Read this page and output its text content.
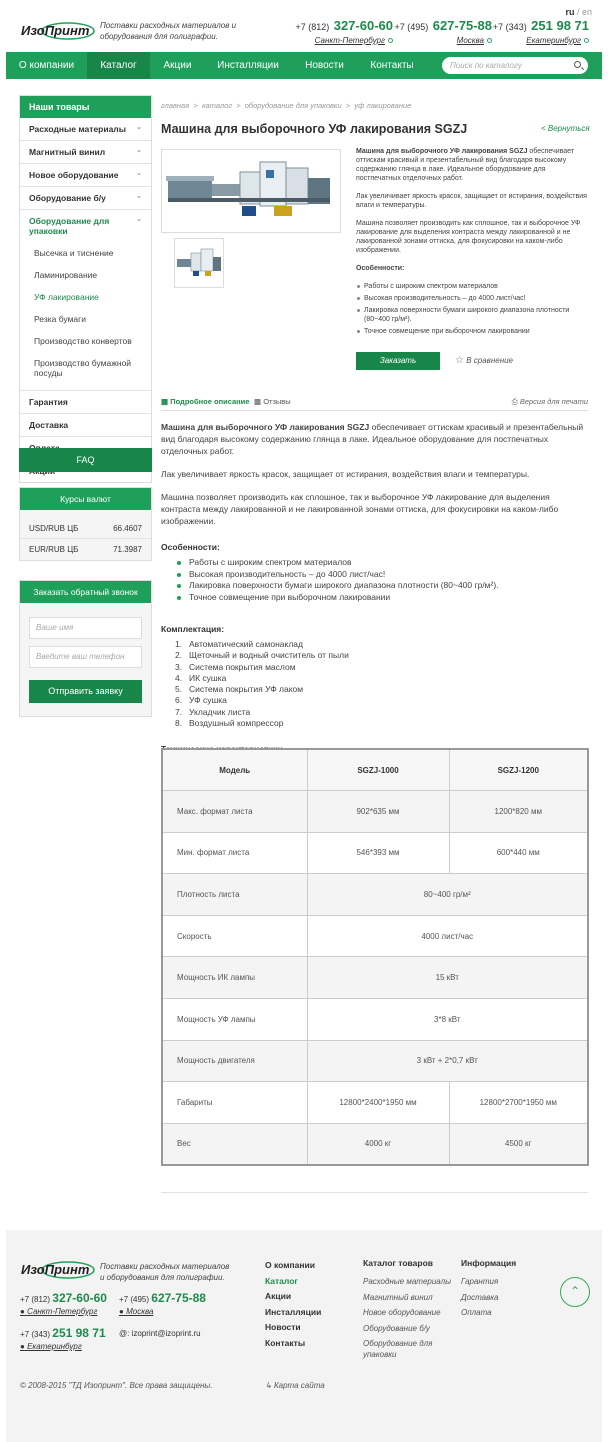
ИзоПринт Поставки расходных материалов и оборудования для полиграфии.
ru / en
+7 (812) 327-60-60
Санкт-Петербург
+7 (495) 627-75-88
Москва
+7 (343) 251 98 71
Екатеринбург
О компании	Каталог	Акции	Инсталляции	Новости	Контакты	Поиск по каталогу
Наши товары
Расходные материалы ⌄
Магнитный винил	⌄
Новое оборудование	⌄
Оборудование б/у	⌄
Оборудование для упаковки
⌄
Высечка и тиснение
Ламинирование
УФ лакирование
Резка бумаги
Производство конвертов
Производство бумажной посуды
Гарантия
Доставка
FAQ
Курсы валют
USD/RUB ЦБ	66.4607
EUR/RUB ЦБ	71.3987
Заказать обратный звонок
Ваше имя
Введите ваш телефон
Отправить заявку
главная  >  каталог  >  оборудование для упаковки  >  уф лакирование
Машина для выборочного УФ лакирования SGZJ	< Вернуться

Машина для выборочного УФ лакирования SGZJ обеспечивает оттискам красивый и презентабельный вид благодаря высокому содержанию глянца в лаке. Идеальное оборудование для постпечатных отделочных работ.

Лак увеличивает яркость красок, защищает от истирания, воздействия влаги и температуры.

Машина позволяет производить как сплошное, так и выборочное УФ лакирование для выделения контраста между лакированной и не лакированной зонами оттиска, для фокусировки на каком-либо изображении.

Особенности:

Работы с широким спектром материалов
Высокая производительность – до 4000 лист/час!
Лакировка поверхности бумаги широкого диапазона плотности (80~400 гр/м²).
Точное совмещение при выборочном лакировании
Заказать	☆ В сравнение
▦ Подробное описание ▩ Отзывы	⎙ Версия для печати

Машина для выборочного УФ лакирования SGZJ обеспечивает оттискам красивый и презентабельный вид благодаря высокому содержанию глянца в лаке. Идеальное оборудование для постпечатных отделочных работ.

Лак увеличивает яркость красок, защищает от истирания, воздействия влаги и температуры.

Машина позволяет производить как сплошное, так и выборочное УФ лакирование для выделения контраста между лакированной и не лакированной зонами оттиска, для фокусировки на каком-либо изображении.

Особенности:
Работы с широким спектром материалов
Высокая производительность – до 4000 лист/час!
Лакировка поверхности бумаги широкого диапазона плотности (80~400 гр/м²).
Точное совмещение при выборочном лакировании
Комплектация:
1. Автоматический самонаклад
2. Щеточный и водный очиститель от пыли
3. Система покрытия маслом
4. ИК сушка
5. Система покрытия УФ лаком
6. УФ сушка
7. Укладчик листа
8. Воздушный компрессор
Модель	SGZJ-1000	SGZJ-1200
Макс. формат листа	902*635 мм	1200*820 мм
Мин. формат листа	546*393 мм	600*440 мм
Плотность листа	80~400 гр/м²	
Скорость	4000 лист/час	
Мощность ИК лампы	15 кВт	
Мощность УФ лампы	3*8 кВт	
Мощность двигателя	3 кВт + 2*0,7 кВт	
Габариты	12800*2400*1950 мм	12800*2700*1950 мм
Вес	4000 кг	4500 кг
ИзоПринт Поставки расходных материалов и оборудования для полиграфии.
+7 (812) 327-60-60
● Санкт-Петербург
+7 (495) 627-75-88
● Москва
+7 (343) 251 98 71
● Екатеринбург
@: izoprint@izoprint.ru
О компании
Каталог
Акции
Инсталляции
Новости
Контакты
Каталог товаров
Расходные материалы
Магнитный винил
Новое оборудование
Оборудование б/у
Оборудование для упаковки
Информация
Гарантия
Доставка
Оплата
⌃
© 2008-2015 "ТД Изопринт". Все права защищены.	↳ Карта сайта
